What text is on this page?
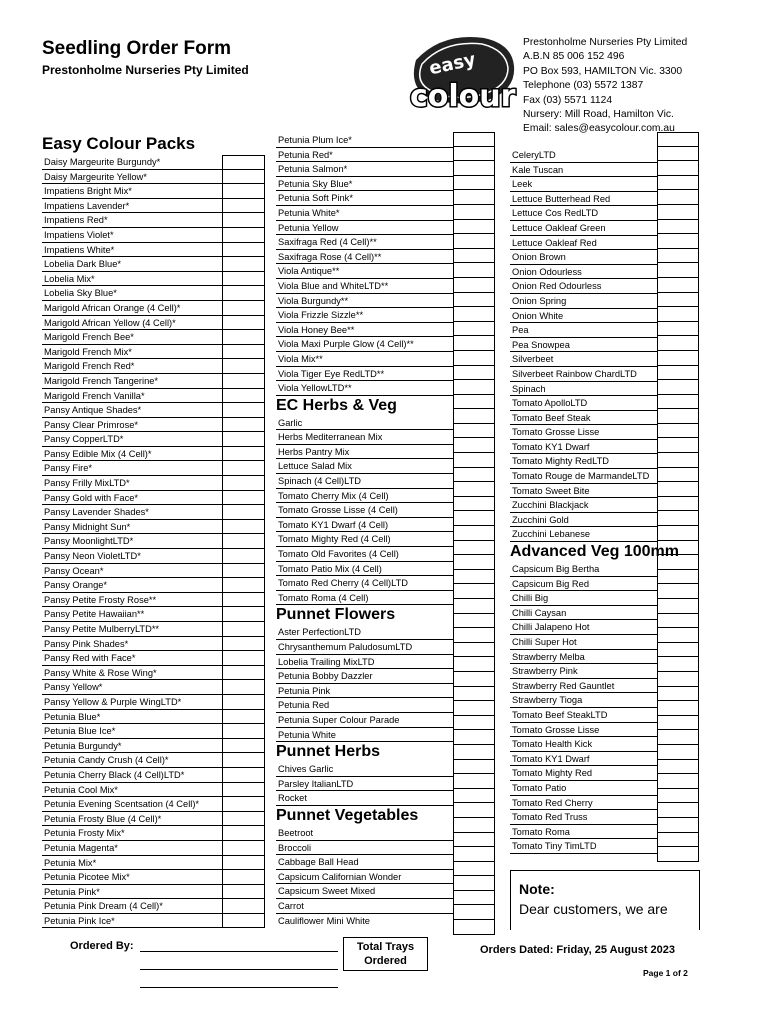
Seedling Order Form
Prestonholme Nurseries Pty Limited	easy
colour
Prestonholme Nurseries Pty Limited
A.B.N 85 006 152 496
PO Box 593, HAMILTON Vic. 3300
Telephone (03) 5572 1387
Fax (03) 5571 1124
Nursery: Mill Road, Hamilton Vic.
Email: sales@easycolour.com.au
Easy Colour Packs
Daisy Margeurite Burgundy*
Daisy Margeurite Yellow*
Impatiens Bright Mix*
Impatiens Lavender*
Impatiens Red*
Impatiens Violet*
Impatiens White*
Lobelia Dark Blue*
Lobelia Mix*
Lobelia Sky Blue*
Marigold African Orange (4 Cell)*
Marigold African Yellow (4 Cell)*
Marigold French Bee*
Marigold French Mix*
Marigold French Red*
Marigold French Tangerine*
Marigold French Vanilla*
Pansy Antique Shades*
Pansy Clear Primrose*
Pansy CopperLTD*
Pansy Edible Mix (4 Cell)*
Pansy Fire*
Pansy Frilly MixLTD*
Pansy Gold with Face*
Pansy Lavender Shades*
Pansy Midnight Sun*
Pansy MoonlightLTD*
Pansy Neon VioletLTD*
Pansy Ocean*
Pansy Orange*
Pansy Petite Frosty Rose**
Pansy Petite Hawaiian**
Pansy Petite MulberryLTD**
Pansy Pink Shades*
Pansy Red with Face*
Pansy White & Rose Wing*
Pansy Yellow*
Pansy Yellow & Purple WingLTD*
Petunia Blue*
Petunia Blue Ice*
Petunia Burgundy*
Petunia Candy Crush (4 Cell)*
Petunia Cherry Black (4 Cell)LTD*
Petunia Cool Mix*
Petunia Evening Scentsation (4 Cell)*
Petunia Frosty Blue (4 Cell)*
Petunia Frosty Mix*
Petunia Magenta*
Petunia Mix*
Petunia Picotee Mix*
Petunia Pink*
Petunia Pink Dream (4 Cell)*
Petunia Pink Ice*
Petunia Plum Ice*
Petunia Red*
Petunia Salmon*
Petunia Sky Blue*
Petunia Soft Pink*
Petunia White*
Petunia Yellow
Saxifraga Red (4 Cell)**
Saxifraga Rose (4 Cell)**
Viola Antique**
Viola Blue and WhiteLTD**
Viola Burgundy**
Viola Frizzle Sizzle**
Viola Honey Bee**
Viola Maxi Purple Glow (4 Cell)**
Viola Mix**
Viola Tiger Eye RedLTD**
Viola YellowLTD**
EC Herbs & Veg
Garlic
Herbs Mediterranean Mix
Herbs Pantry Mix
Lettuce Salad Mix
Spinach (4 Cell)LTD
Tomato Cherry Mix (4 Cell)
Tomato Grosse Lisse (4 Cell)
Tomato KY1 Dwarf (4 Cell)
Tomato Mighty Red (4 Cell)
Tomato Old Favorites (4 Cell)
Tomato Patio Mix (4 Cell)
Tomato Red Cherry (4 Cell)LTD
Tomato Roma (4 Cell)
Punnet Flowers
Aster PerfectionLTD
Chrysanthemum PaludosumLTD
Lobelia Trailing MixLTD
Petunia Bobby Dazzler
Petunia Pink
Petunia Red
Petunia Super Colour Parade
Petunia White
Punnet Herbs
Chives Garlic
Parsley ItalianLTD
Rocket
Punnet Vegetables
Beetroot
Broccoli
Cabbage Ball Head
Capsicum Californian Wonder
Capsicum Sweet Mixed
Carrot
Cauliflower Mini White
CeleryLTD
Kale Tuscan
Leek
Lettuce Butterhead Red
Lettuce Cos RedLTD
Lettuce Oakleaf Green
Lettuce Oakleaf Red
Onion Brown
Onion Odourless
Onion Red Odourless
Onion Spring
Onion White
Pea
Pea Snowpea
Silverbeet
Silverbeet Rainbow ChardLTD
Spinach
Tomato ApolloLTD
Tomato Beef Steak
Tomato Grosse Lisse
Tomato KY1 Dwarf
Tomato Mighty RedLTD
Tomato Rouge de MarmandeLTD
Tomato Sweet Bite
Zucchini Blackjack
Zucchini Gold
Zucchini Lebanese
Advanced Veg 100mm
Capsicum Big Bertha
Capsicum Big Red
Chilli Big
Chilli Caysan
Chilli Jalapeno Hot
Chilli Super Hot
Strawberry Melba
Strawberry Pink
Strawberry Red Gauntlet
Strawberry Tioga
Tomato Beef SteakLTD
Tomato Grosse Lisse
Tomato Health Kick
Tomato KY1 Dwarf
Tomato Mighty Red
Tomato Patio
Tomato Red Cherry
Tomato Red Truss
Tomato Roma
Tomato Tiny TimLTD
Note:
Dear customers, we are
Ordered By:	Total Trays
Ordered
Orders Dated: Friday, 25 August 2023
Page 1 of 2
